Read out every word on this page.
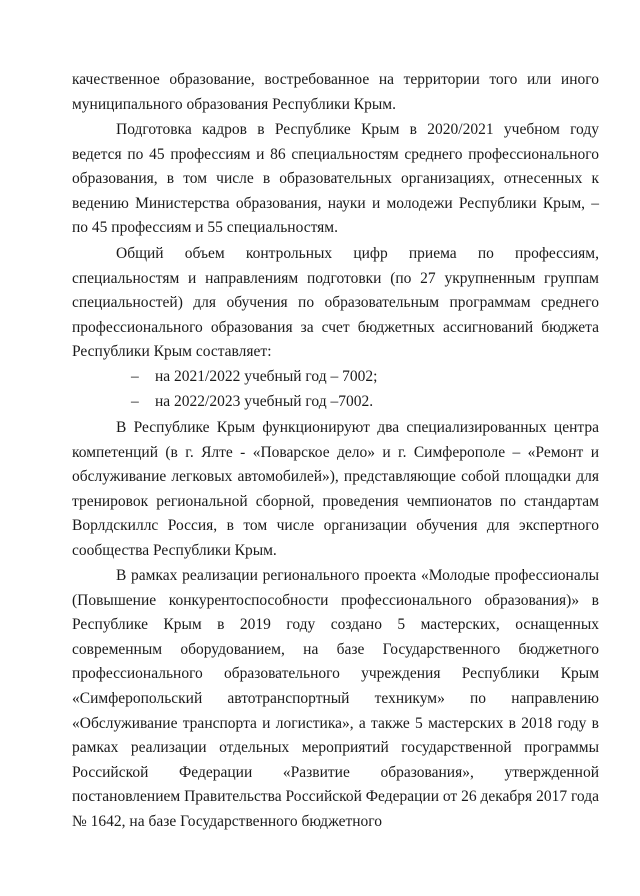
качественное образование, востребованное на территории того или иного муниципального образования Республики Крым.

Подготовка кадров в Республике Крым в 2020/2021 учебном году ведется по 45 профессиям и 86 специальностям среднего профессионального образования, в том числе в образовательных организациях, отнесенных к ведению Министерства образования, науки и молодежи Республики Крым, – по 45 профессиям и 55 специальностям.

Общий объем контрольных цифр приема по профессиям, специальностям и направлениям подготовки (по 27 укрупненным группам специальностей) для обучения по образовательным программам среднего профессионального образования за счет бюджетных ассигнований бюджета Республики Крым составляет:

– на 2021/2022 учебный год – 7002;
– на 2022/2023 учебный год –7002.

В Республике Крым функционируют два специализированных центра компетенций (в г. Ялте - «Поварское дело» и г. Симферополе – «Ремонт и обслуживание легковых автомобилей»), представляющие собой площадки для тренировок региональной сборной, проведения чемпионатов по стандартам Ворлдскиллс Россия, в том числе организации обучения для экспертного сообщества Республики Крым.

В рамках реализации регионального проекта «Молодые профессионалы (Повышение конкурентоспособности профессионального образования)» в Республике Крым в 2019 году создано 5 мастерских, оснащенных современным оборудованием, на базе Государственного бюджетного профессионального образовательного учреждения Республики Крым «Симферопольский автотранспортный техникум» по направлению «Обслуживание транспорта и логистика», а также 5 мастерских в 2018 году в рамках реализации отдельных мероприятий государственной программы Российской Федерации «Развитие образования», утвержденной постановлением Правительства Российской Федерации от 26 декабря 2017 года № 1642, на базе Государственного бюджетного
